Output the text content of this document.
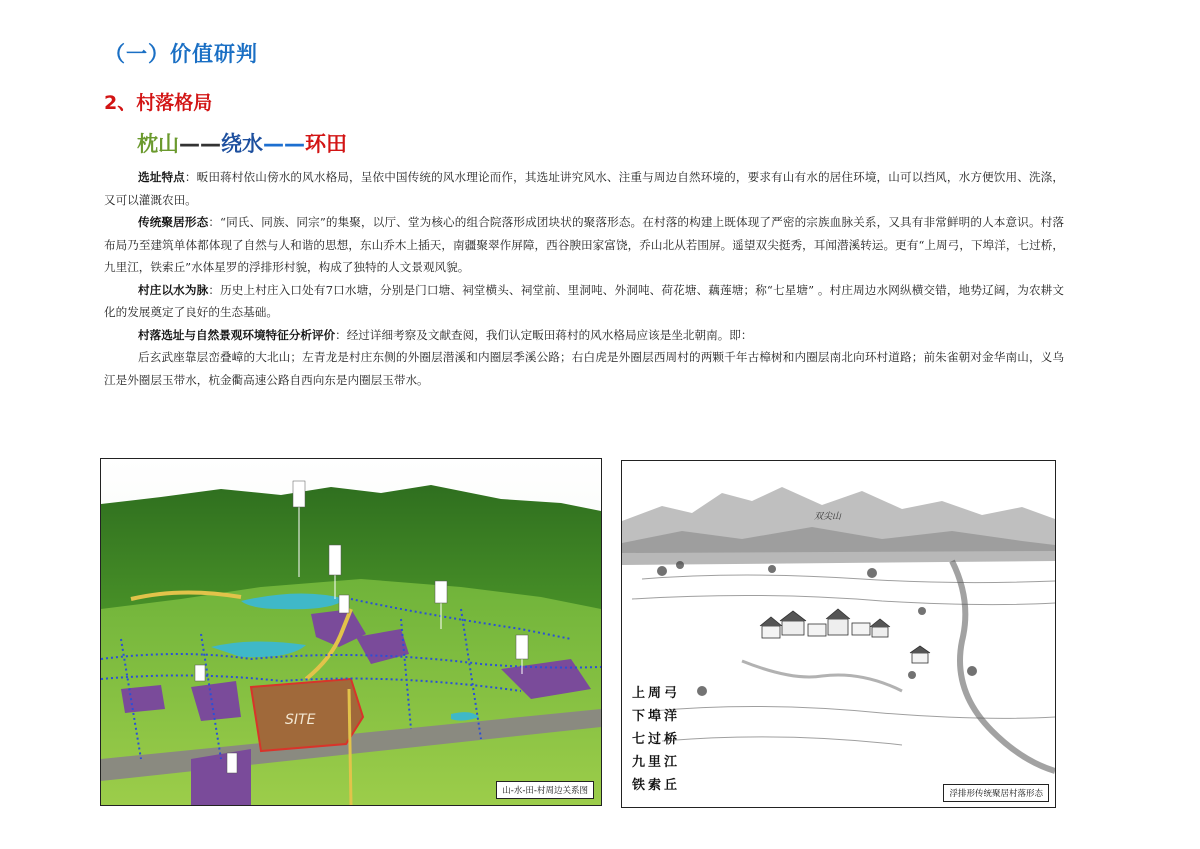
（一）价值研判
2、村落格局
枕山——绕水——环田

选址特点：畈田蒋村依山傍水的风水格局，呈依中国传统的风水理论而作，其选址讲究风水、注重与周边自然环境的，要求有山有水的居住环境，山可以挡风，水方便饮用、洗涤，又可以灌溉农田。

传统聚居形态：“同氏、同族、同宗”的集聚，以厅、堂为核心的组合院落形成团块状的聚落形态。在村落的构建上既体现了严密的宗族血脉关系，又具有非常鲜明的人本意识。村落布局乃至建筑单体都体现了自然与人和谐的思想，东山乔木上插天，南疆聚翠作屏障，西谷腴田家富饶，乔山北从若围屏。遥望双尖挺秀，耳闻潜溪转运。更有“上周弓，下埠洋，七过桥，九里江，铁索丘”水体星罗的浮排形村貌，构成了独特的人文景观风貌。

村庄以水为脉：历史上村庄入口处有7口水塘，分别是门口塘、祠堂横头、祠堂前、里洞吨、外洞吨、荷花塘、藕莲塘；称“七星塘” 。村庄周边水网纵横交错，地势辽阔，为农耕文化的发展奠定了良好的生态基础。

村落选址与自然景观环境特征分析评价：经过详细考察及文献查阅，我们认定畈田蒋村的风水格局应该是坐北朝南。即：

后玄武座靠层峦叠嶂的大北山；左青龙是村庄东侧的外圈层潜溪和内圈层季溪公路；右白虎是外圈层西周村的两颗千年古樟树和内圈层南北向环村道路；前朱雀朝对金华南山，义乌江是外圈层玉带水，杭金衢高速公路自西向东是内圈层玉带水。

SITE
山-水-田-村周边关系图
双尖山
上周弓
下埠洋
七过桥
九里江
铁索丘
浮排形传统聚居村落形态
